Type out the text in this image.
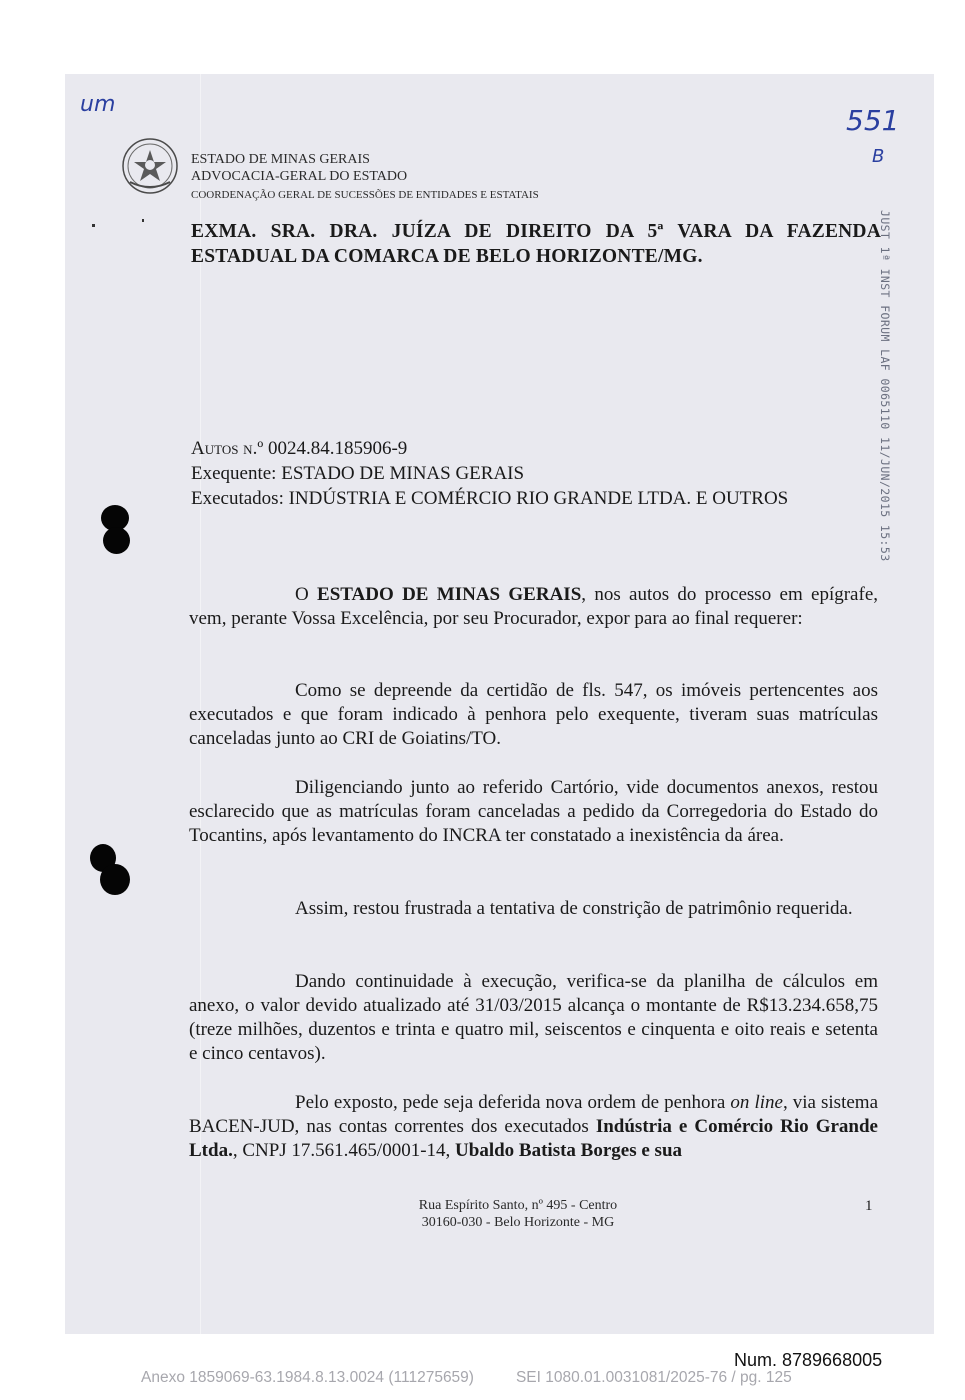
um	551
B
ESTADO DE MINAS GERAIS
ADVOCACIA-GERAL DO ESTADO
COORDENAÇÃO GERAL DE SUCESSÕES DE ENTIDADES E ESTATAIS
EXMA. SRA. DRA. JUÍZA DE DIREITO DA 5ª VARA DA FAZENDA
ESTADUAL DA COMARCA DE BELO HORIZONTE/MG.	JUST 1ª INST FORUM LAF 0065110 11/JUN/2015 15:53
Autos n.º 0024.84.185906-9
Exequente: ESTADO DE MINAS GERAIS
Executados: INDÚSTRIA E COMÉRCIO RIO GRANDE LTDA. E OUTROS
O ESTADO DE MINAS GERAIS, nos autos do processo em epígrafe, vem, perante Vossa Excelência, por seu Procurador, expor para ao final requerer:
Como se depreende da certidão de fls. 547, os imóveis pertencentes aos executados e que foram indicado à penhora pelo exequente, tiveram suas matrículas canceladas junto ao CRI de Goiatins/TO.
Diligenciando junto ao referido Cartório, vide documentos anexos, restou esclarecido que as matrículas foram canceladas a pedido da Corregedoria do Estado do Tocantins, após levantamento do INCRA ter constatado a inexistência da área.
Assim, restou frustrada a tentativa de constrição de patrimônio requerida.
Dando continuidade à execução, verifica-se da planilha de cálculos em anexo, o valor devido atualizado até 31/03/2015 alcança o montante de R$13.234.658,75 (treze milhões, duzentos e trinta e quatro mil, seiscentos e cinquenta e oito reais e setenta e cinco centavos).
Pelo exposto, pede seja deferida nova ordem de penhora on line, via sistema BACEN-JUD, nas contas correntes dos executados Indústria e Comércio Rio Grande Ltda., CNPJ 17.561.465/0001-14, Ubaldo Batista Borges e sua
Rua Espírito Santo, nº 495 - Centro
30160-030 - Belo Horizonte - MG
1
Num. 8789668005
Anexo 1859069-63.1984.8.13.0024 (111275659)	SEI 1080.01.0031081/2025-76 / pg. 125
